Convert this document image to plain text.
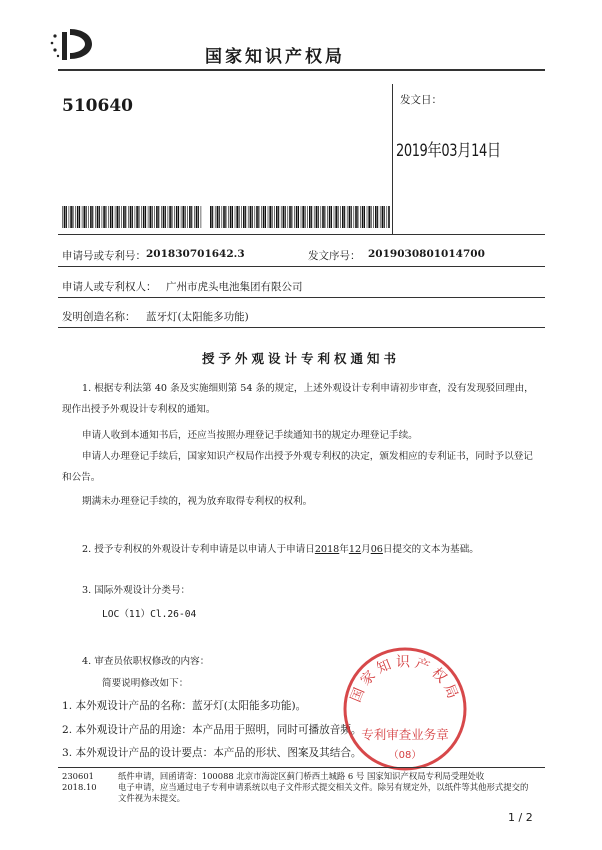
国家知识产权局
510640	发文日：
2019年03月14日
申请号或专利号： 201830701642.3	发文序号： 2019030801014700
申请人或专利权人： 广州市虎头电池集团有限公司
发明创造名称： 蓝牙灯(太阳能多功能)
授予外观设计专利权通知书

1. 根据专利法第 40 条及实施细则第 54 条的规定，上述外观设计专利申请初步审查，没有发现驳回理由，现作出授予外观设计专利权的通知。

申请人收到本通知书后，还应当按照办理登记手续通知书的规定办理登记手续。

申请人办理登记手续后，国家知识产权局作出授予外观专利权的决定，颁发相应的专利证书，同时予以登记和公告。

期满未办理登记手续的，视为放弃取得专利权的权利。

2. 授予专利权的外观设计专利申请是以申请人于申请日2018年12月06日提交的文本为基础。

3. 国际外观设计分类号：

LOC（11）Cl.26-04

4. 审查员依职权修改的内容：

简要说明修改如下：

1. 本外观设计产品的名称：蓝牙灯(太阳能多功能)。

2. 本外观设计产品的用途：本产品用于照明，同时可播放音频。

3. 本外观设计产品的设计要点：本产品的形状、图案及其结合。

国家知识产权局
专利审查业务章
（08）
230601
2018.10
纸件申请，回函请寄：100088 北京市海淀区蓟门桥西土城路 6 号 国家知识产权局专利局受理处收
电子申请，应当通过电子专利申请系统以电子文件形式提交相关文件。除另有规定外，以纸件等其他形式提交的
文件视为未提交。
1 / 2
